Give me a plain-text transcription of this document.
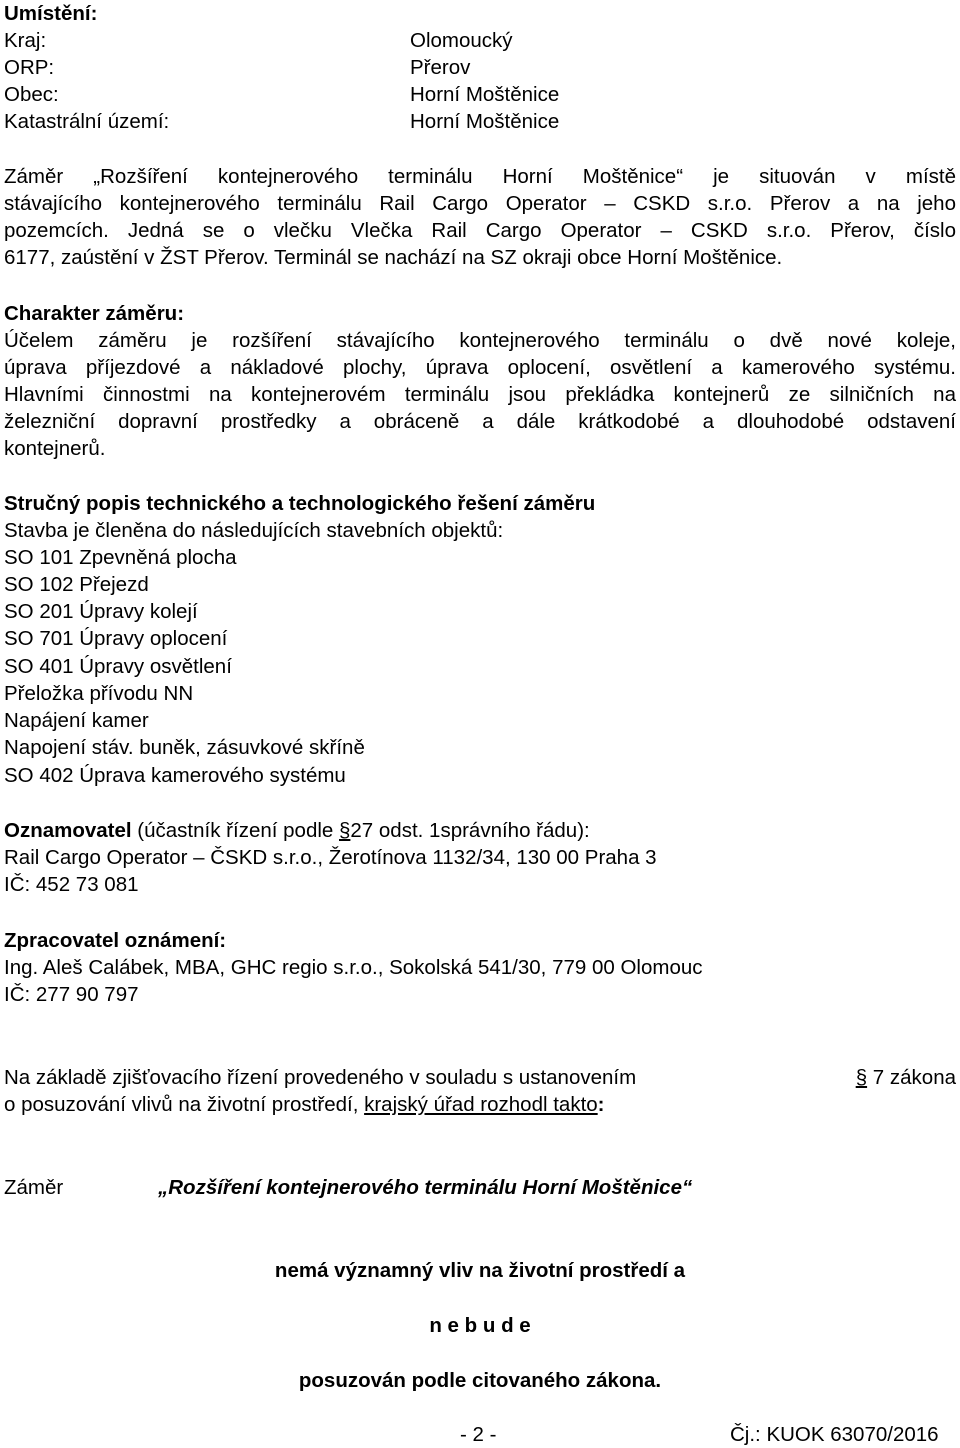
Umístění:
Kraj:	Olomoucký
ORP:	Přerov
Obec:	Horní Moštěnice
Katastrální území:	Horní Moštěnice
Záměr „Rozšíření kontejnerového terminálu Horní Moštěnice“ je situován v místě
stávajícího kontejnerového terminálu Rail Cargo Operator – CSKD s.r.o. Přerov a na jeho
pozemcích. Jedná se o vlečku Vlečka Rail Cargo Operator – CSKD s.r.o. Přerov, číslo
6177, zaústění v ŽST Přerov. Terminál se nachází na SZ okraji obce Horní Moštěnice.
Charakter záměru:
Účelem záměru je rozšíření stávajícího kontejnerového terminálu o dvě nové koleje,
úprava příjezdové a nákladové plochy, úprava oplocení, osvětlení a kamerového systému.
Hlavními činnostmi na kontejnerovém terminálu jsou překládka kontejnerů ze silničních na
železniční dopravní prostředky a obráceně a dále krátkodobé a dlouhodobé odstavení
kontejnerů.
Stručný popis technického a technologického řešení záměru
Stavba je členěna do následujících stavebních objektů:
SO 101 Zpevněná plocha
SO 102 Přejezd
SO 201 Úpravy kolejí
SO 701 Úpravy oplocení
SO 401 Úpravy osvětlení
Přeložka přívodu NN
Napájení kamer
Napojení stáv. buněk, zásuvkové skříně
SO 402 Úprava kamerového systému
Oznamovatel (účastník řízení podle §27 odst. 1správního řádu):
Rail Cargo Operator – ČSKD s.r.o., Žerotínova 1132/34, 130 00 Praha 3
IČ: 452 73 081
Zpracovatel oznámení:
Ing. Aleš Calábek, MBA, GHC regio s.r.o., Sokolská 541/30, 779 00 Olomouc
IČ: 277 90 797
Na základě zjišťovacího řízení provedeného v souladu s ustanovením	§ 7 zákona
o posuzování vlivů na životní prostředí, krajský úřad rozhodl takto:
Záměr	„Rozšíření kontejnerového terminálu Horní Moštěnice“
nemá významný vliv na životní prostředí a
n e b u d e
posuzován podle citovaného zákona.
- 2 -	Čj.: KUOK 63070/2016
